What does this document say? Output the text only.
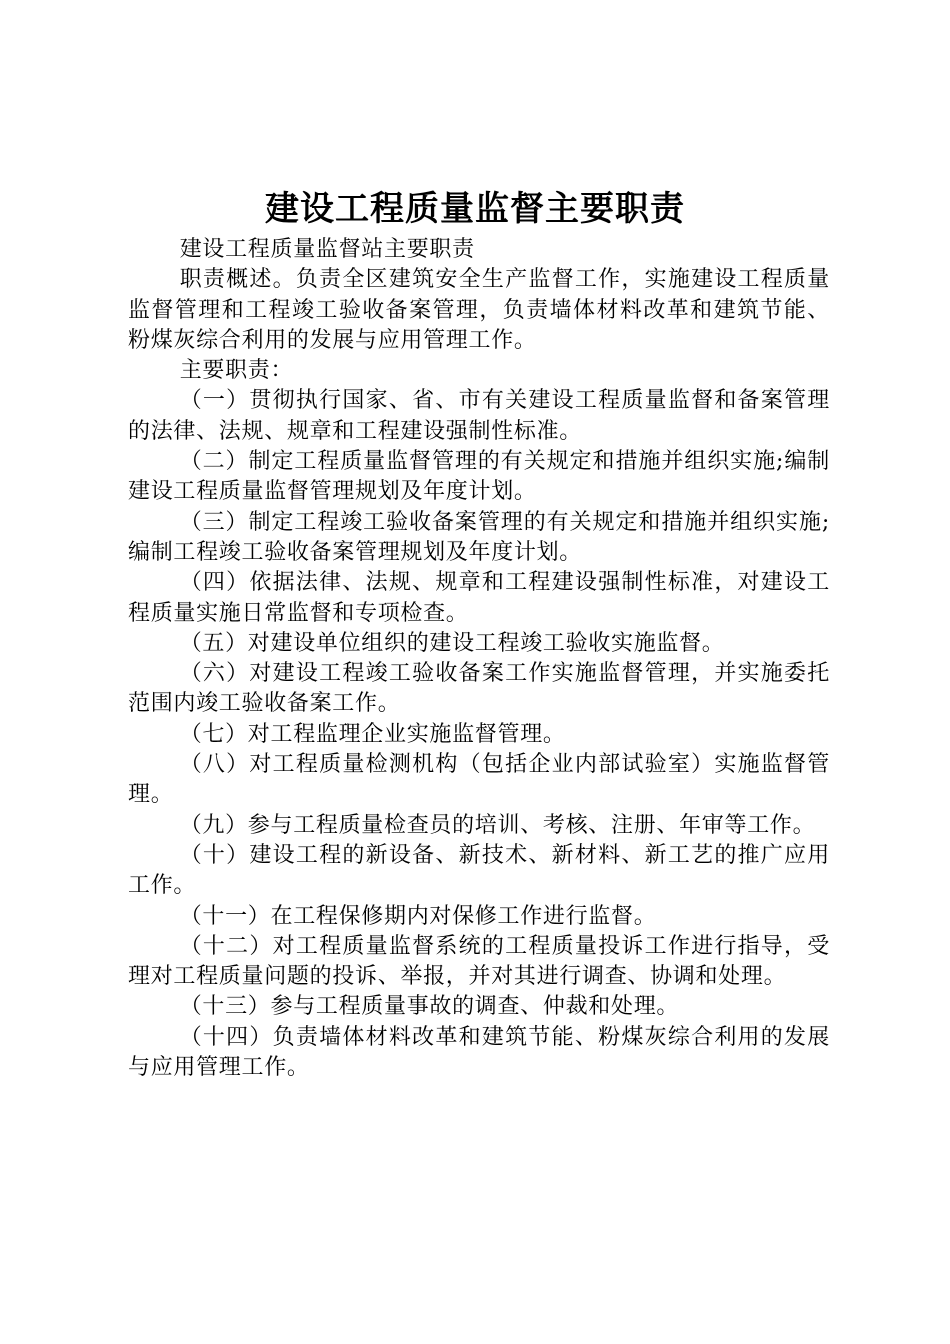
建设工程质量监督主要职责

建设工程质量监督站主要职责

职责概述。负责全区建筑安全生产监督工作，实施建设工程质量监督管理和工程竣工验收备案管理，负责墙体材料改革和建筑节能、粉煤灰综合利用的发展与应用管理工作。

主要职责：

（一）贯彻执行国家、省、市有关建设工程质量监督和备案管理的法律、法规、规章和工程建设强制性标准。

（二）制定工程质量监督管理的有关规定和措施并组织实施;编制建设工程质量监督管理规划及年度计划。

（三）制定工程竣工验收备案管理的有关规定和措施并组织实施;编制工程竣工验收备案管理规划及年度计划。

（四）依据法律、法规、规章和工程建设强制性标准，对建设工程质量实施日常监督和专项检查。

（五）对建设单位组织的建设工程竣工验收实施监督。

（六）对建设工程竣工验收备案工作实施监督管理，并实施委托范围内竣工验收备案工作。

（七）对工程监理企业实施监督管理。

（八）对工程质量检测机构（包括企业内部试验室）实施监督管理。

（九）参与工程质量检查员的培训、考核、注册、年审等工作。

（十）建设工程的新设备、新技术、新材料、新工艺的推广应用工作。

（十一）在工程保修期内对保修工作进行监督。

（十二）对工程质量监督系统的工程质量投诉工作进行指导，受理对工程质量问题的投诉、举报，并对其进行调查、协调和处理。

（十三）参与工程质量事故的调查、仲裁和处理。

（十四）负责墙体材料改革和建筑节能、粉煤灰综合利用的发展与应用管理工作。
